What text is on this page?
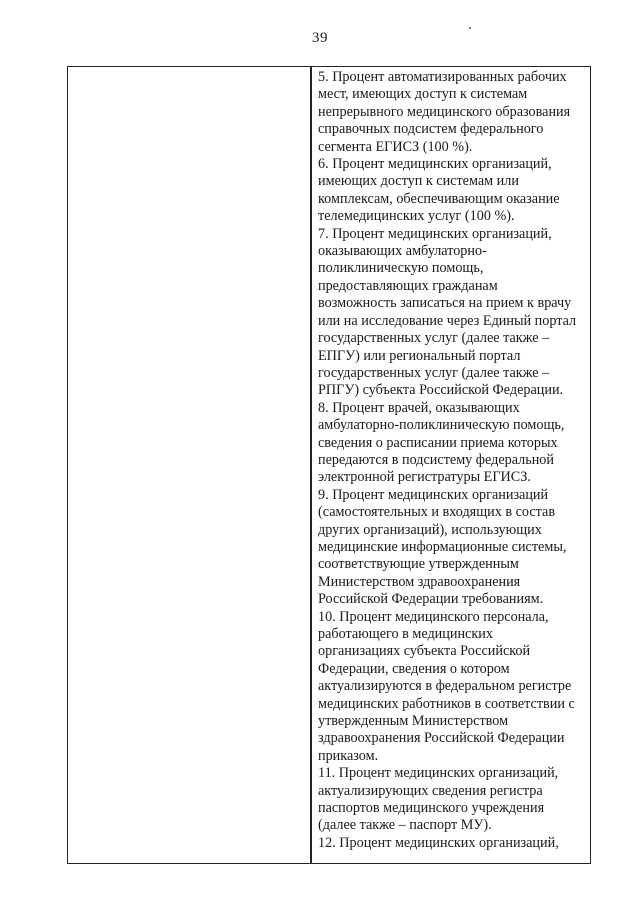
39
5. Процент автоматизированных рабочих
мест, имеющих доступ к системам
непрерывного медицинского образования
справочных подсистем федерального
сегмента ЕГИСЗ (100 %).
6. Процент медицинских организаций,
имеющих доступ к системам или
комплексам, обеспечивающим оказание
телемедицинских услуг (100 %).
7. Процент медицинских организаций,
оказывающих амбулаторно-
поликлиническую помощь,
предоставляющих гражданам
возможность записаться на прием к врачу
или на исследование через Единый портал
государственных услуг (далее также –
ЕПГУ) или региональный портал
государственных услуг (далее также –
РПГУ) субъекта Российской Федерации.
8. Процент врачей, оказывающих
амбулаторно-поликлиническую помощь,
сведения о расписании приема которых
передаются в подсистему федеральной
электронной регистратуры ЕГИСЗ.
9. Процент медицинских организаций
(самостоятельных и входящих в состав
других организаций), использующих
медицинские информационные системы,
соответствующие утвержденным
Министерством здравоохранения
Российской Федерации требованиям.
10. Процент медицинского персонала,
работающего в медицинских
организациях субъекта Российской
Федерации, сведения о котором
актуализируются в федеральном регистре
медицинских работников в соответствии с
утвержденным Министерством
здравоохранения Российской Федерации
приказом.
11. Процент медицинских организаций,
актуализирующих сведения регистра
паспортов медицинского учреждения
(далее также – паспорт МУ).
12. Процент медицинских организаций,
